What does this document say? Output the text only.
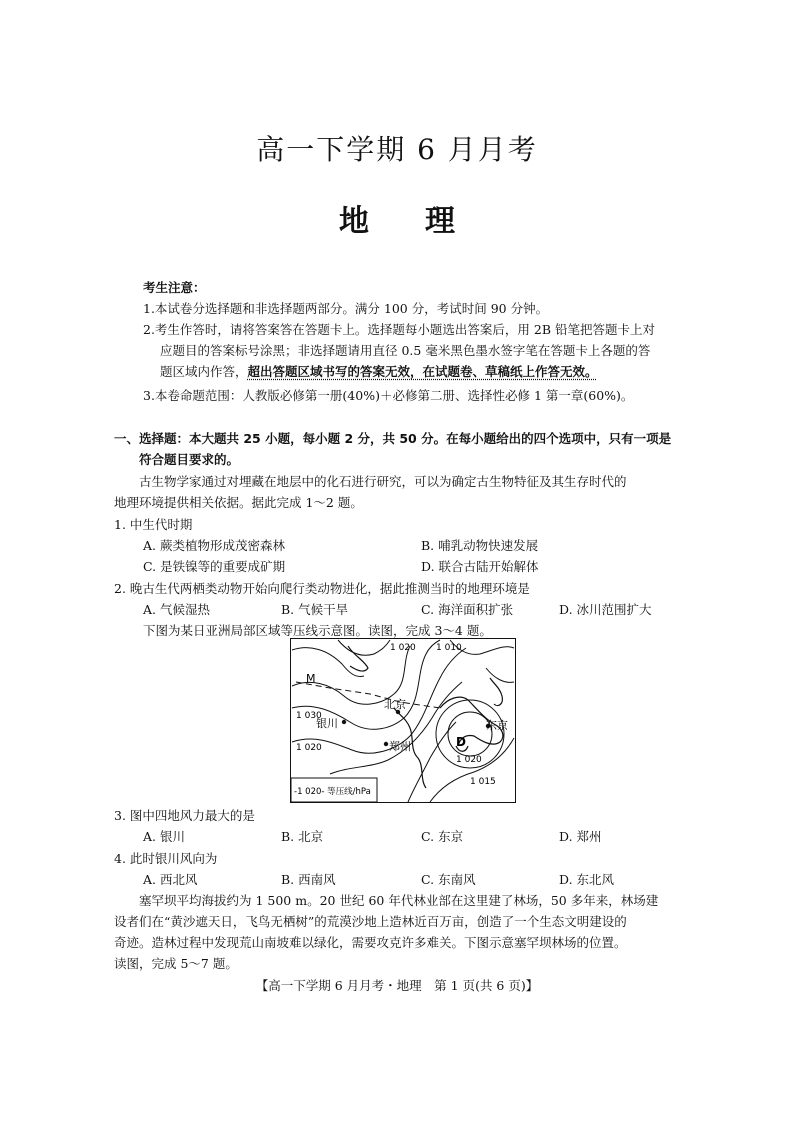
高一下学期 6 月月考
地理
考生注意：
1.本试卷分选择题和非选择题两部分。满分 100 分，考试时间 90 分钟。
2.考生作答时，请将答案答在答题卡上。选择题每小题选出答案后，用 2B 铅笔把答题卡上对
应题目的答案标号涂黑；非选择题请用直径 0.5 毫米黑色墨水签字笔在答题卡上各题的答
题区域内作答，超出答题区域书写的答案无效，在试题卷、草稿纸上作答无效。
3.本卷命题范围：人教版必修第一册(40%)＋必修第二册、选择性必修 1 第一章(60%)。
一、选择题：本大题共 25 小题，每小题 2 分，共 50 分。在每小题给出的四个选项中，只有一项是
符合题目要求的。
古生物学家通过对埋藏在地层中的化石进行研究，可以为确定古生物特征及其生存时代的
地理环境提供相关依据。据此完成 1～2 题。
1. 中生代时期
A. 蕨类植物形成茂密森林	B. 哺乳动物快速发展
C. 是铁镍等的重要成矿期	D. 联合古陆开始解体
2. 晚古生代两栖类动物开始向爬行类动物进化，据此推测当时的地理环境是
A. 气候湿热	B. 气候干旱	C. 海洋面积扩张	D. 冰川范围扩大
下图为某日亚洲局部区域等压线示意图。读图，完成 3～4 题。
M
1 020 1 010
1 030
1 020
银川
郑州
北京
东京
D
1 020
1 015
-1 020- 等压线/hPa
3. 图中四地风力最大的是
A. 银川	B. 北京	C. 东京	D. 郑州
4. 此时银川风向为
A. 西北风	B. 西南风	C. 东南风	D. 东北风
塞罕坝平均海拔约为 1 500 m。20 世纪 60 年代林业部在这里建了林场，50 多年来，林场建
设者们在“黄沙遮天日，飞鸟无栖树”的荒漠沙地上造林近百万亩，创造了一个生态文明建设的
奇迹。造林过程中发现荒山南坡难以绿化，需要攻克许多难关。下图示意塞罕坝林场的位置。
读图，完成 5～7 题。
【高一下学期 6 月月考・地理　第 1 页(共 6 页)】
